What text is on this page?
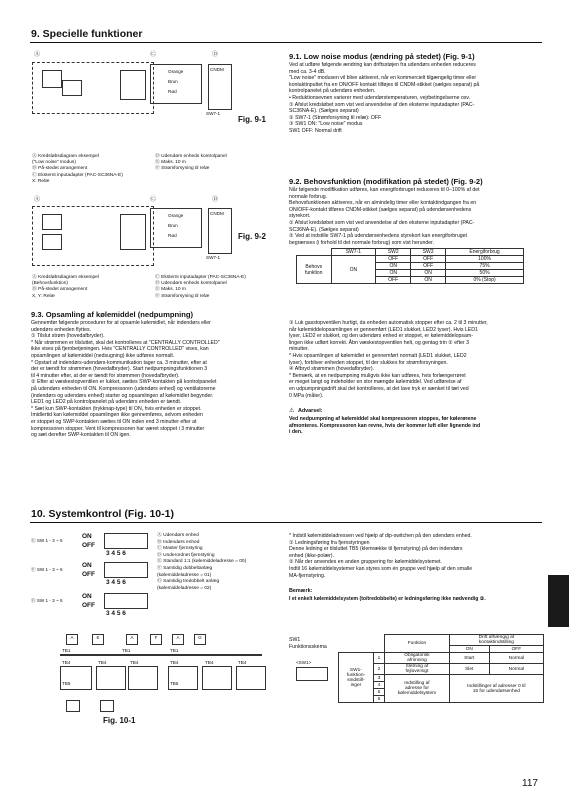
9. Specielle funktioner
Ⓐ	Ⓒ	Ⓓ
Orange
Brun
Rød
CNDM
SW7-1
Fig. 9-1

Ⓐ Kredsløbsdiagram eksempel

("Low noise" modus)

Ⓑ På-stedet arrangement

Ⓒ Eksternt inputadapter (PAC-SC36NA-E)

X: Relæ

Ⓓ Udendørs enheds kontrolpanel

Ⓔ Maks. 10 m

Ⓕ Strømforsyning til relæ

Ⓐ	Ⓒ	Ⓓ
Orange
Brun
Rød
CNDM
SW7-1
Fig. 9-2

Ⓐ Kredsløbsdiagram eksempel

(Behovsfunktion)

Ⓑ På-stedet arrangement

X, Y: Relæ

Ⓒ Eksternt inputadapter (PAC-SC36NA-E)

Ⓓ Udendørs enheds kontrolpanel

Ⓔ Maks. 10 m

Ⓕ Strømforsyning til relæ

9.1. Low noise modus (ændring på stedet) (Fig. 9-1)

Ved at udføre følgende ændring kan driftsstøjen fra udendørs enheden reduceres

med ca. 3-4 dB.

"Low noise" modusen vil blive aktiveret, når en kommercielt tilgængelig timer eller

kontaktinputtet fra en ON/OFF kontakt tilføjes til CNDM-stikket (sælges separat) på

kontrolpanelet på udendørs enheden.

• Reduktionsevnen varierer med udendørstemperaturen, vejrbetingelserne osv.

① Afslut kredsløbet som vist ved anvendelse af den eksterne inputadapter (PAC-

SC36NA-E). (Sælges separat)

② SW7-1 (Strømforsyning til relæ): OFF

③ SW1 ON: "Low noise" modus

SW1 OFF: Normal drift

9.2. Behovsfunktion (modifikation på stedet) (Fig. 9-2)

Når følgende modifikation udføres, kan energiforbruget reduceres til 0–100% af det

normale forbrug.

Behovsfunktionen aktiveres, når en almindelig timer eller kontaktindgangen fra en

ON/OFF-kontakt tilføres CNDM-stikket (sælges separat) på udendørsenhedens

styrekort.

① Afslut kredsløbet som vist ved anvendelse af den eksterne inputadapter (PAC-

SC36NA-E). (Sælges separat)

② Ved at indstille SW7-1 på udendørsenhedens styrekort kan energiforbruget

begrænses (i forhold til det normale forbrug) som vist herunder.

	SW7-1	SW2	SW3	Energiforbrug
Behovs funktion	ON	OFF	OFF	100%
		ON	OFF	75%
		ON	ON	50%
		OFF	ON	0% (Stop)
9.3. Opsamling af kølemiddel (nedpumpning)

Gennemfør følgende procedurer for at opsamle kølemidlet, når indendørs eller

udendørs enheden flyttes.

① Tilslut strøm (hovedafbryder).

* Når strømmen er tilsluttet, skal det kontrolleres at "CENTRALLY CONTROLLED"

ikke vises på fjernbetjeningen. Hvis "CENTRALLY CONTROLLED" vises, kan

opsamlingen af kølemiddel (nedsugning) ikke udføres normalt.

* Opstart af indendørs-udendørs-kommunikation tager ca. 3 minutter, efter at

der er tændt for strømmen (hovedafbryder). Start nedpumpningsfunktionen 3

til 4 minutter efter, at der er tændt for strømmen (hovedafbryder).

② Efter at væskestopventilen er lukket, sættes SWP-kontakten på kontrolpanelet

på udendørs enheden til ON. Kompressoren (udendørs enhed) og ventilatorerne

(indendørs og udendørs enhed) starter og opsamlingen af kølemidlet begynder.

LED1 og LED2 på kontrolpanelet på udendørs enheden er tændt.

* Sæt kun SWP-kontakten (trykknap-type) til ON, hvis enheden er stoppet.

Imidlertid kan kølemiddel opsamlingen ikke gennemføres, selvom enheden

er stoppet og SWP-kontakten sættes til ON inden end 3 minutter efter at

kompressoren stopper. Vent til kompressoren har været stoppet i 3 minutter

og sæt derefter SWP-kontakten til ON igen.

③ Luk gasstopventilen hurtigt, da enheden automatisk stopper efter ca. 2 til 3 minutter,

når kølemiddelopsamlingen er gennemført (LED1 slukket, LED2 tyser). Hvis LED1

lyser, LED2 er slukket, og den udendørs enhed er stoppet, er kølemiddelopsam-

lingen ikke udført korrekt. Åbn væskestopventilen helt, og gentag trin ② efter 3

minutter.

* Hvis opsamlingen af kølemidlet er gennemført normalt (LED1 slukket, LED2

lyser), forbliver enheden stoppet, til der slukkes for strømforsyningen.

④ Afbryd strømmen (hovedafbryder).

* Bemærk, at en nedpumpning muligvis ikke kan udføres, hvis forlængerrøret

er meget langt og indeholder en stor mængde kølemiddel. Ved udførelse af

en udpumpningsdrift skal det kontrolleres, at det lave tryk er sænket til tæt ved

0 MPa (måler).

⚠ Advarsel:

Ved nedpumpning af kølemiddel skal kompressoren stoppes, før kølerørene

afmonteres. Kompressoren kan revne, hvis der kommer luft eller lignende ind

i den.

10. Systemkontrol (Fig. 10-1)
Ⓔ SW 1 - 3 ~ 6
ON
OFF
3 4 5 6
Ⓕ SW 1 - 3 ~ 6
ON
OFF
3 4 5 6
Ⓖ SW 1 - 3 ~ 6
ON
OFF
3 4 5 6

Ⓐ Udendørs enhed

Ⓑ Indendørs enhed

Ⓒ Master fjernstyring

Ⓓ Underordnet fjernstyring

Ⓔ Standard 1:1 (kølemiddeladresse = 00)

Ⓕ Samtidig dobbeltanlæg

(kølemiddeladresse = 01)

Ⓖ Samtidig tredobbelt anlæg

(kølemiddeladresse = 02)

A	E	A	F	A	G
TB1	TB1	TB1
TB4	TB4	TB4	TB4	TB4	TB4
TB5	TB5
Fig. 10-1

* Indstil kølemiddeladressen ved hjælp af dip-switchen på den udendørs enhed.

① Ledningsføring fra fjernstyringen

Denne ledning er tilsluttet TB5 (klemrække til fjernstyring) på den indendørs

enhed (ikke-polær).

② Når der anvendes en anden gruppering for kølemiddelsystemet.

Indtil 16 kølemiddelsystemer kan styres som én gruppe ved hjælp af den smalle

MA-fjernstyring.

Bemærk:
I et enkelt kølemiddelsystem (to/tredobbelte) er ledningsføring ikke nødvendig ②.

SW1

Funktionsskema

<SW1>
		Funktion	Drift afhængig af
kontaktindstilling	
			ON	OFF
SW1-
funktion-
sindstill-
inger	1	Obligatorisk
afrimning	Start	Normal
	2	Sletning af
fejloversigt	Slet	Normal
	3	Indstilling af
adresse for
kølemiddelsystem	Indstillinger af adresser 0 til
15 for udendørsenhed	
	4			
	5			
	6			
117
